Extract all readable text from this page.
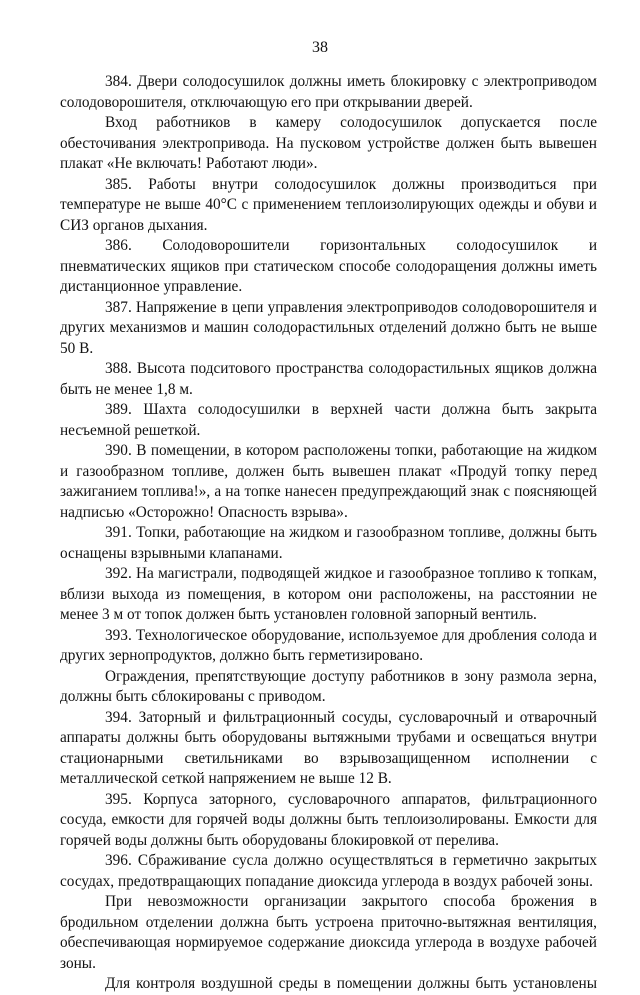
38

384. Двери солодосушилок должны иметь блокировку с электроприводом солодоворошителя, отключающую его при открывании дверей.

Вход работников в камеру солодосушилок допускается после обесточивания электропривода. На пусковом устройстве должен быть вывешен плакат «Не включать! Работают люди».

385. Работы внутри солодосушилок должны производиться при температуре не выше 40°С с применением теплоизолирующих одежды и обуви и СИЗ органов дыхания.

386. Солодоворошители горизонтальных солодосушилок и пневматических ящиков при статическом способе солодоращения должны иметь дистанционное управление.

387. Напряжение в цепи управления электроприводов солодоворошителя и других механизмов и машин солодорастильных отделений должно быть не выше 50 В.

388. Высота подситового пространства солодорастильных ящиков должна быть не менее 1,8 м.

389. Шахта солодосушилки в верхней части должна быть закрыта несъемной решеткой.

390. В помещении, в котором расположены топки, работающие на жидком и газообразном топливе, должен быть вывешен плакат «Продуй топку перед зажиганием топлива!», а на топке нанесен предупреждающий знак с поясняющей надписью «Осторожно! Опасность взрыва».

391. Топки, работающие на жидком и газообразном топливе, должны быть оснащены взрывными клапанами.

392. На магистрали, подводящей жидкое и газообразное топливо к топкам, вблизи выхода из помещения, в котором они расположены, на расстоянии не менее 3 м от топок должен быть установлен головной запорный вентиль.

393. Технологическое оборудование, используемое для дробления солода и других зернопродуктов, должно быть герметизировано.

Ограждения, препятствующие доступу работников в зону размола зерна, должны быть сблокированы с приводом.

394. Заторный и фильтрационный сосуды, сусловарочный и отварочный аппараты должны быть оборудованы вытяжными трубами и освещаться внутри стационарными светильниками во взрывозащищенном исполнении с металлической сеткой напряжением не выше 12 В.

395. Корпуса заторного, сусловарочного аппаратов, фильтрационного сосуда, емкости для горячей воды должны быть теплоизолированы. Емкости для горячей воды должны быть оборудованы блокировкой от перелива.

396. Сбраживание сусла должно осуществляться в герметично закрытых сосудах, предотвращающих попадание диоксида углерода в воздух рабочей зоны.

При невозможности организации закрытого способа брожения в бродильном отделении должна быть устроена приточно-вытяжная вентиляция, обеспечивающая нормируемое содержание диоксида углерода в воздухе рабочей зоны.

Для контроля воздушной среды в помещении должны быть установлены
